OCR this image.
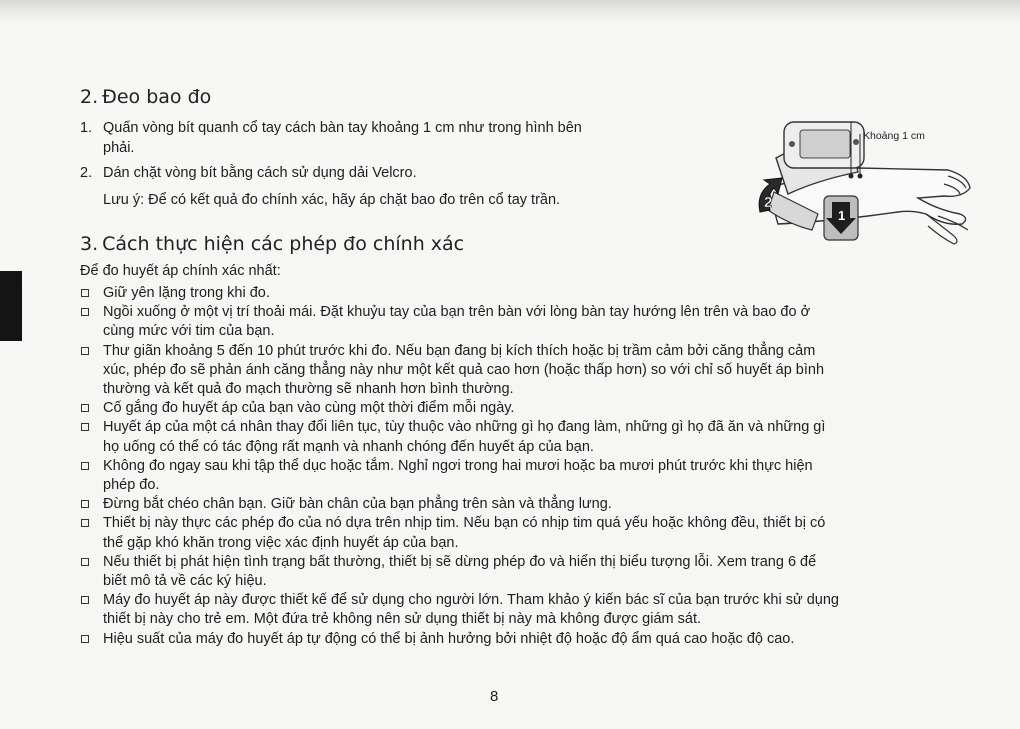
2. Đeo bao đo
1. Quấn vòng bít quanh cổ tay cách bàn tay khoảng 1 cm như trong hình bên

phải.

2. Dán chặt vòng bít bằng cách sử dụng dải Velcro.

Lưu ý: Để có kết quả đo chính xác, hãy áp chặt bao đo trên cổ tay trần.

Khoảng 1 cm
2
1
3. Cách thực hiện các phép đo chính xác

Để đo huyết áp chính xác nhất:

Giữ yên lặng trong khi đo.
Ngồi xuống ở một vị trí thoải mái. Đặt khuỷu tay của bạn trên bàn với lòng bàn tay hướng lên trên và bao đo ở
cùng mức với tim của bạn.
Thư giãn khoảng 5 đến 10 phút trước khi đo. Nếu bạn đang bị kích thích hoặc bị trầm cảm bởi căng thẳng cảm
xúc, phép đo sẽ phản ánh căng thẳng này như một kết quả cao hơn (hoặc thấp hơn) so với chỉ số huyết áp bình
thường và kết quả đo mạch thường sẽ nhanh hơn bình thường.
Cố gắng đo huyết áp của bạn vào cùng một thời điểm mỗi ngày.
Huyết áp của một cá nhân thay đổi liên tục, tùy thuộc vào những gì họ đang làm, những gì họ đã ăn và những gì
họ uống có thể có tác động rất mạnh và nhanh chóng đến huyết áp của bạn.
Không đo ngay sau khi tập thể dục hoặc tắm. Nghỉ ngơi trong hai mươi hoặc ba mươi phút trước khi thực hiện
phép đo.
Đừng bắt chéo chân bạn. Giữ bàn chân của bạn phẳng trên sàn và thẳng lưng.
Thiết bị này thực các phép đo của nó dựa trên nhịp tim. Nếu bạn có nhịp tim quá yếu hoặc không đều, thiết bị có
thể gặp khó khăn trong việc xác định huyết áp của bạn.
Nếu thiết bị phát hiện tình trạng bất thường, thiết bị sẽ dừng phép đo và hiển thị biểu tượng lỗi. Xem trang 6 để
biết mô tả về các ký hiệu.
Máy đo huyết áp này được thiết kế để sử dụng cho người lớn. Tham khảo ý kiến bác sĩ của bạn trước khi sử dụng
thiết bị này cho trẻ em. Một đứa trẻ không nên sử dụng thiết bị này mà không được giám sát.
Hiệu suất của máy đo huyết áp tự động có thể bị ảnh hưởng bởi nhiệt độ hoặc độ ẩm quá cao hoặc độ cao.
8
